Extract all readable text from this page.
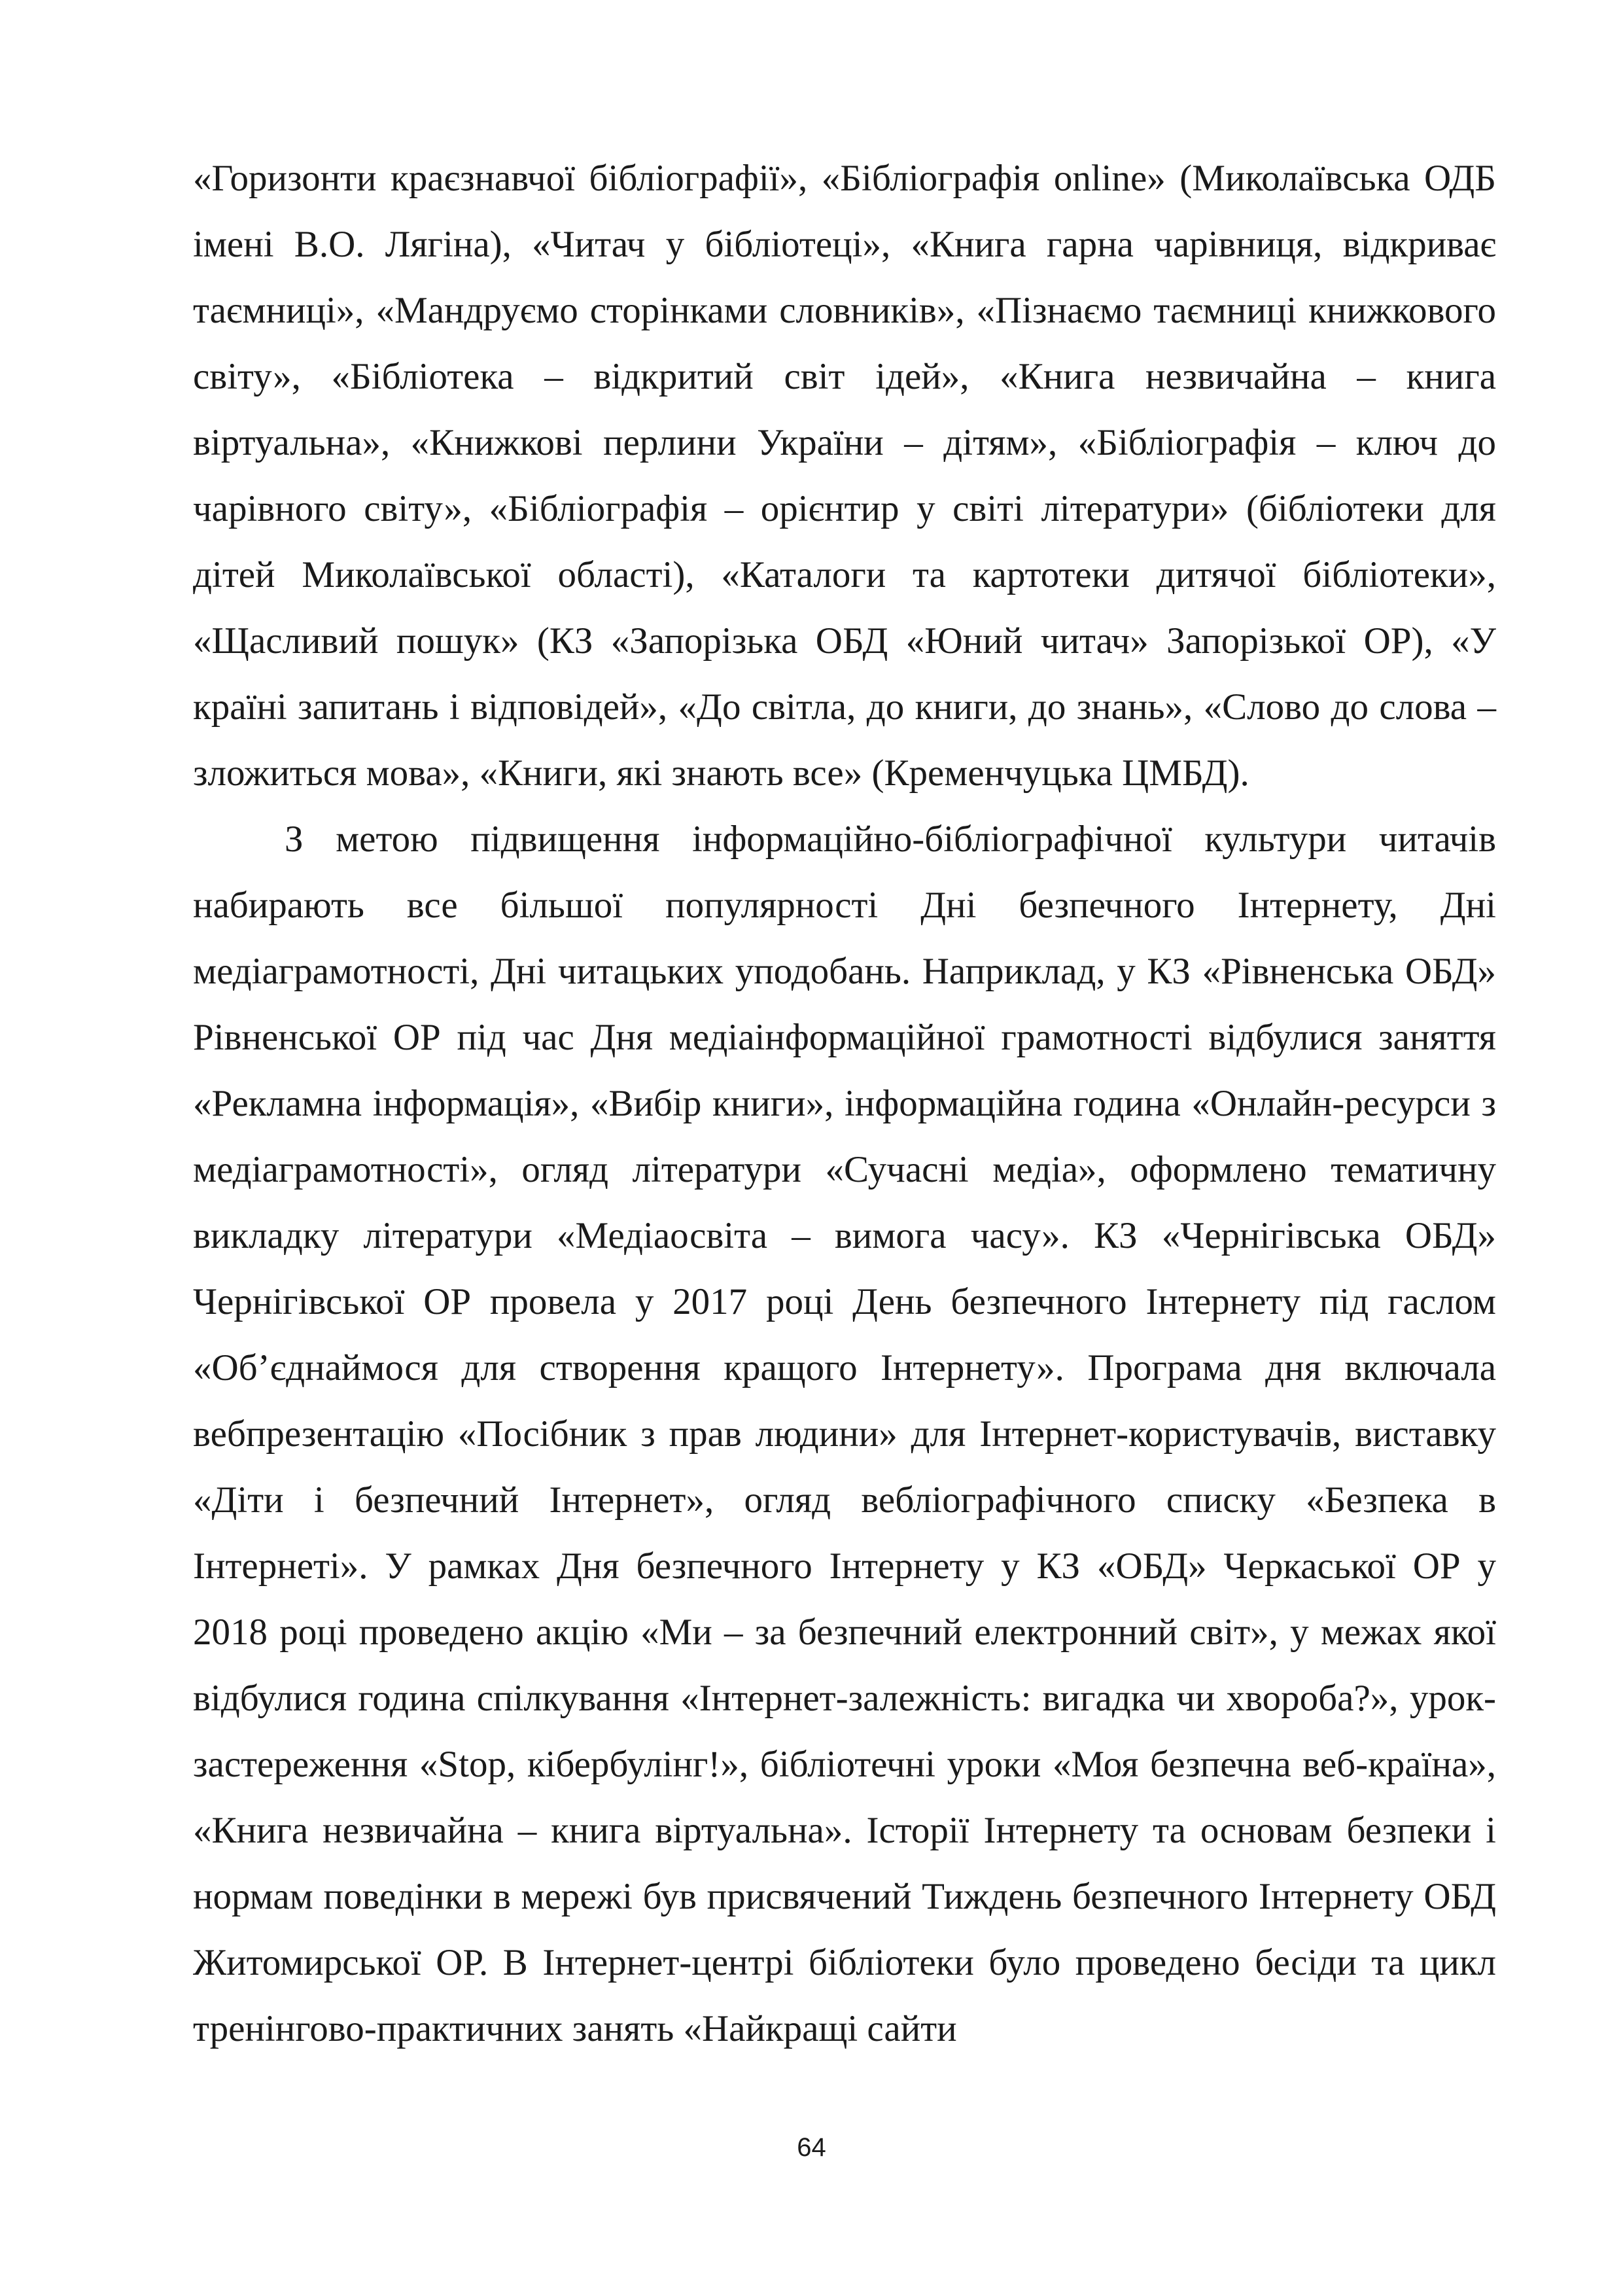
«Горизонти краєзнавчої бібліографії», «Бібліографія online» (Миколаївська ОДБ імені В.О. Лягіна), «Читач у бібліотеці», «Книга гарна чарівниця, відкриває таємниці», «Мандруємо сторінками словників», «Пізнаємо таємниці книжкового світу», «Бібліотека – відкритий світ ідей», «Книга незвичайна – книга віртуальна», «Книжкові перлини України – дітям», «Бібліографія – ключ до чарівного світу», «Бібліографія – орієнтир у світі літератури» (бібліотеки для дітей Миколаївської області), «Каталоги та картотеки дитячої бібліотеки», «Щасливий пошук» (КЗ «Запорізька ОБД «Юний читач» Запорізької ОР), «У країні запитань і відповідей», «До світла, до книги, до знань», «Слово до слова – зложиться мова», «Книги, які знають все» (Кременчуцька ЦМБД).

З метою підвищення інформаційно-бібліографічної культури читачів набирають все більшої популярності Дні безпечного Інтернету, Дні медіаграмотності, Дні читацьких уподобань. Наприклад, у КЗ «Рівненська ОБД» Рівненської ОР під час Дня медіаінформаційної грамотності відбулися заняття «Рекламна інформація», «Вибір книги», інформаційна година «Онлайн-ресурси з медіаграмотності», огляд літератури «Сучасні медіа», оформлено тематичну викладку літератури «Медіаосвіта – вимога часу». КЗ «Чернігівська ОБД» Чернігівської ОР провела у 2017 році День безпечного Інтернету під гаслом «Об’єднаймося для створення кращого Інтернету». Програма дня включала вебпрезентацію «Посібник з прав людини» для Інтернет-користувачів, виставку «Діти і безпечний Інтернет», огляд вебліографічного списку «Безпека в Інтернеті». У рамках Дня безпечного Інтернету у КЗ «ОБД» Черкаської ОР у 2018 році проведено акцію «Ми – за безпечний електронний світ», у межах якої відбулися година спілкування «Інтернет-залежність: вигадка чи хвороба?», урок-застереження «Stop, кібербулінг!», бібліотечні уроки «Моя безпечна веб-країна», «Книга незвичайна – книга віртуальна». Історії Інтернету та основам безпеки і нормам поведінки в мережі був присвячений Тиждень безпечного Інтернету ОБД Житомирської ОР. В Інтернет-центрі бібліотеки було проведено бесіди та цикл тренінгово-практичних занять «Найкращі сайти

64
